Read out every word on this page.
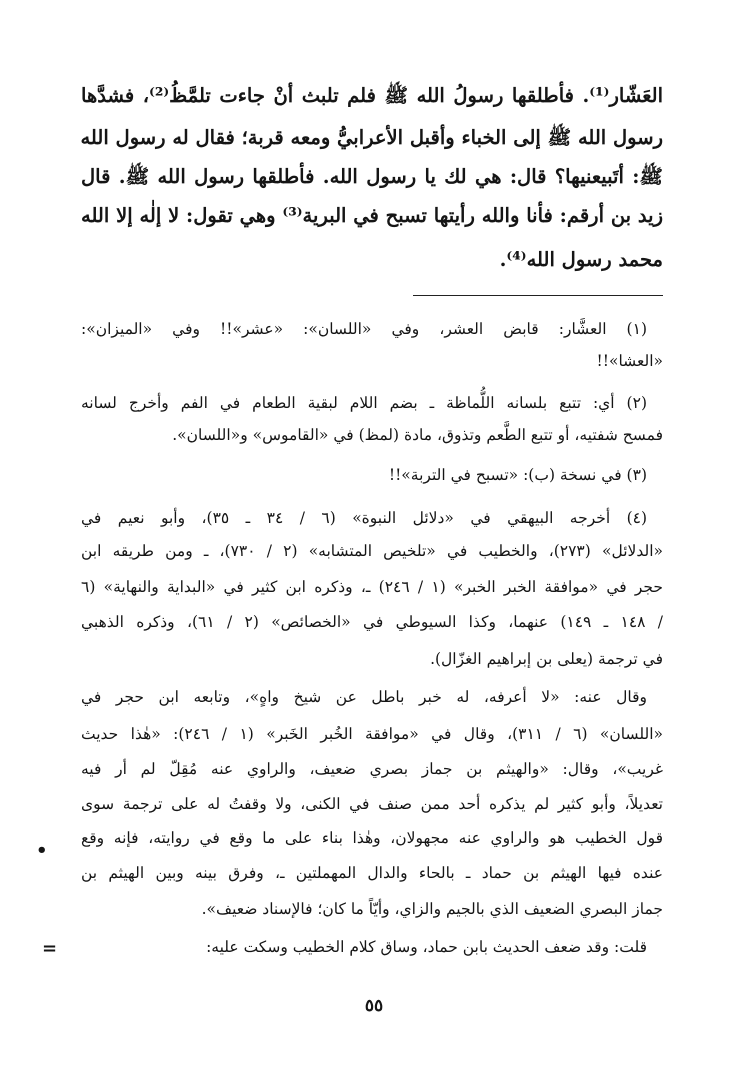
العَشّار⁽¹⁾. فأطلقها رسولُ الله ﷺ فلم تلبث أنْ جاءت تلمَّظُ⁽²⁾، فشدَّها
رسول الله ﷺ إلى الخباء وأقبل الأعرابيُّ ومعه قربة؛ فقال له رسول الله
ﷺ: أتَبيعنيها؟ قال: هي لك يا رسول الله. فأطلقها رسول الله ﷺ. قال
زيد بن أرقم: فأنا والله رأيتها تسبح في البرية⁽³⁾ وهي تقول: لا إلٰه إلا الله
محمد رسول الله⁽⁴⁾.
(١) العشَّار: قابض العشر، وفي «اللسان»: «عشر»!! وفي «الميزان»:
«العشا»!!
(٢) أي: تتبع بلسانه اللُّماظة ـ بضم اللام لبقية الطعام في الفم وأخرج لسانه
فمسح شفتيه، أو تتبع الطَّعم وتذوق، مادة (لمظ) في «القاموس» و«اللسان».
(٣) في نسخة (ب): «تسبح في التربة»!!
(٤) أخرجه البيهقي في «دلائل النبوة» (٦ / ٣٤ ـ ٣٥)، وأبو نعيم في
«الدلائل» (٢٧٣)، والخطيب في «تلخيص المتشابه» (٢ / ٧٣٠)، ـ ومن طريقه ابن
حجر في «موافقة الخبر الخبر» (١ / ٢٤٦) ـ، وذكره ابن كثير في «البداية والنهاية» (٦
/ ١٤٨ ـ ١٤٩) عنهما، وكذا السيوطي في «الخصائص» (٢ / ٦١)، وذكره الذهبي
في ترجمة (يعلى بن إبراهيم الغزّال).
وقال عنه: «لا أعرفه، له خبر باطل عن شيخ واهٍ»، وتابعه ابن حجر في
«اللسان» (٦ / ٣١١)، وقال في «موافقة الخُبر الخَبر» (١ / ٢٤٦): «هٰذا حديث
غريب»، وقال: «والهيثم بن جماز بصري ضعيف، والراوي عنه مُقِلّ لم أر فيه
تعديلاً، وأبو كثير لم يذكره أحد ممن صنف في الكنى، ولا وقفتُ له على ترجمة سوى
قول الخطيب هو والراوي عنه مجهولان، وهٰذا بناء على ما وقع في روايته، فإنه وقع
عنده فيها الهيثم بن حماد ـ بالحاء والدال المهملتين ـ، وفرق بينه وبين الهيثم بن
جماز البصري الضعيف الذي بالجيم والزاي، وأيّاً ما كان؛ فالإسناد ضعيف».
قلت: وقد ضعف الحديث بابن حماد، وساق كلام الخطيب وسكت عليه:
•
=
٥٥
